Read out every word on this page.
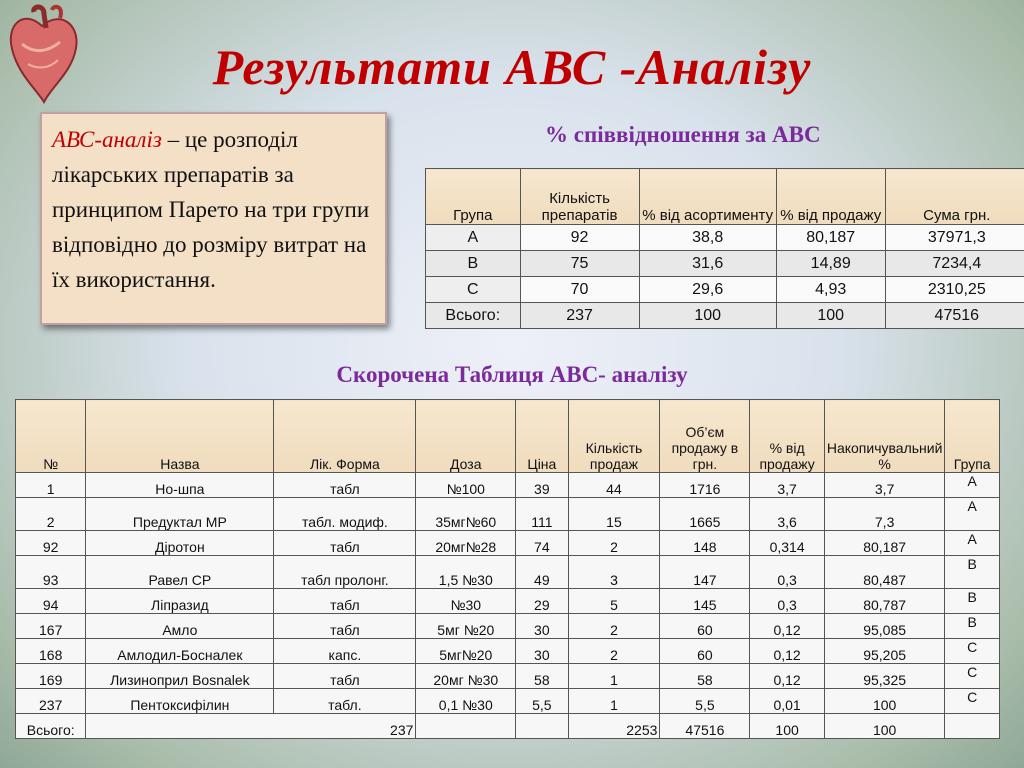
Результати АВС -Аналізу
АВС-аналіз – це розподіл лікарських препаратів за принципом Парето на три групи відповідно до розміру витрат на їх використання.
% співвідношення за АВС
Група	Кількість препаратів	% від асортименту	% від продажу	Сума грн.
А	92	38,8	80,187	37971,3
В	75	31,6	14,89	7234,4
С	70	29,6	4,93	2310,25
Всього:	237	100	100	47516
Скорочена Таблиця АВС- аналізу
№	Назва	Лік. Форма	Доза	Ціна	Кількість продаж	Об’єм продажу в грн.	% від продажу	Накопичувальний %	Група
1	Но-шпа	табл	№100	39	44	1716	3,7	3,7	А
2	Предуктал МР	табл. модиф.	35мг№60	111	15	1665	3,6	7,3	А
92	Діротон	табл	20мг№28	74	2	148	0,314	80,187	А
93	Равел СР	табл пролонг.	1,5 №30	49	3	147	0,3	80,487	В
94	Ліпразид	табл	№30	29	5	145	0,3	80,787	В
167	Амло	табл	5мг №20	30	2	60	0,12	95,085	В
168	Амлодил-Босналек	капс.	5мг№20	30	2	60	0,12	95,205	С
169	Лизиноприл Bosnalek	табл	20мг №30	58	1	58	0,12	95,325	С
237	Пентоксифілин	табл.	0,1 №30	5,5	1	5,5	0,01	100	С
Всього:	237				2253	47516	100	100	
